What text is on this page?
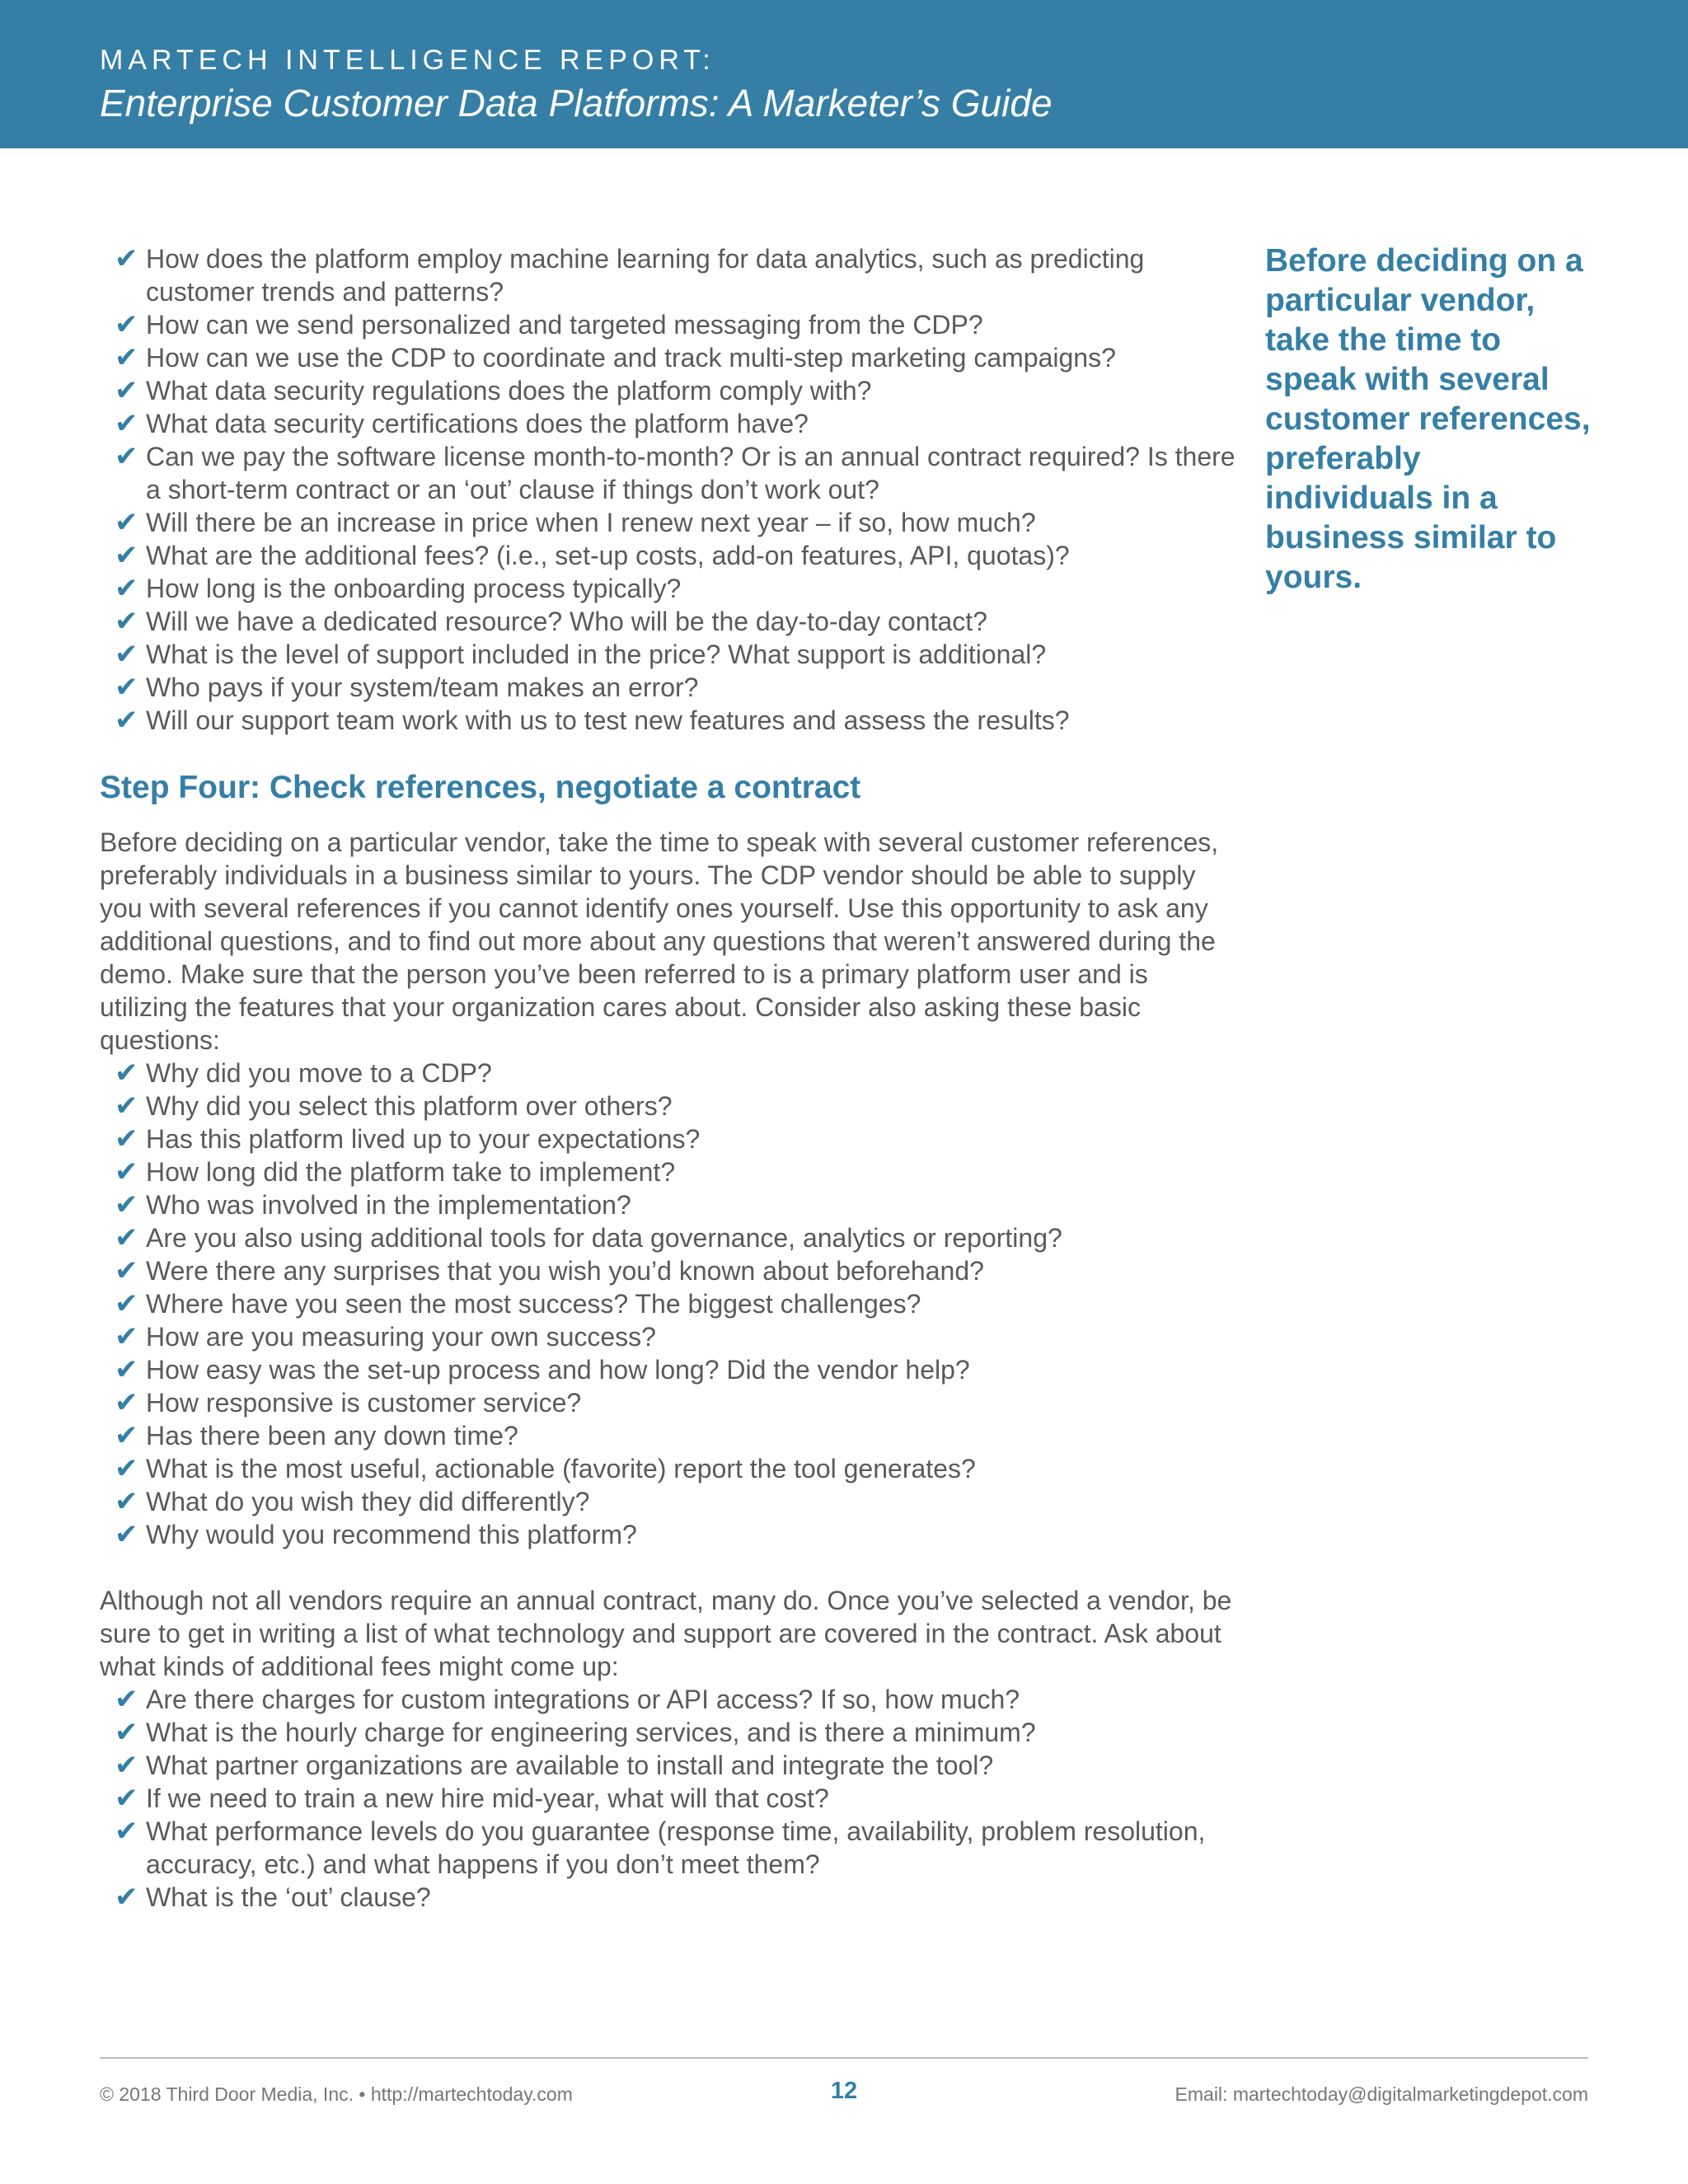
MARTECH INTELLIGENCE REPORT:
Enterprise Customer Data Platforms: A Marketer’s Guide
✔ How does the platform employ machine learning for data analytics, such as predicting customer trends and patterns?
✔ How can we send personalized and targeted messaging from the CDP?
✔ How can we use the CDP to coordinate and track multi-step marketing campaigns?
✔ What data security regulations does the platform comply with?
✔ What data security certifications does the platform have?
✔ Can we pay the software license month-to-month? Or is an annual contract required? Is there a short-term contract or an ‘out’ clause if things don’t work out?
✔ Will there be an increase in price when I renew next year – if so, how much?
✔ What are the additional fees? (i.e., set-up costs, add-on features, API, quotas)?
✔ How long is the onboarding process typically?
✔ Will we have a dedicated resource? Who will be the day-to-day contact?
✔ What is the level of support included in the price? What support is additional?
✔ Who pays if your system/team makes an error?
✔ Will our support team work with us to test new features and assess the results?
Step Four: Check references, negotiate a contract

Before deciding on a particular vendor, take the time to speak with several customer references, preferably individuals in a business similar to yours. The CDP vendor should be able to supply you with several references if you cannot identify ones yourself. Use this opportunity to ask any additional questions, and to find out more about any questions that weren’t answered during the demo. Make sure that the person you’ve been referred to is a primary platform user and is utilizing the features that your organization cares about. Consider also asking these basic questions:

✔ Why did you move to a CDP?
✔ Why did you select this platform over others?
✔ Has this platform lived up to your expectations?
✔ How long did the platform take to implement?
✔ Who was involved in the implementation?
✔ Are you also using additional tools for data governance, analytics or reporting?
✔ Were there any surprises that you wish you’d known about beforehand?
✔ Where have you seen the most success? The biggest challenges?
✔ How are you measuring your own success?
✔ How easy was the set-up process and how long? Did the vendor help?
✔ How responsive is customer service?
✔ Has there been any down time?
✔ What is the most useful, actionable (favorite) report the tool generates?
✔ What do you wish they did differently?
✔ Why would you recommend this platform?

Although not all vendors require an annual contract, many do. Once you’ve selected a vendor, be sure to get in writing a list of what technology and support are covered in the contract. Ask about what kinds of additional fees might come up:

✔ Are there charges for custom integrations or API access? If so, how much?
✔ What is the hourly charge for engineering services, and is there a minimum?
✔ What partner organizations are available to install and integrate the tool?
✔ If we need to train a new hire mid-year, what will that cost?
✔ What performance levels do you guarantee (response time, availability, problem resolution, accuracy, etc.) and what happens if you don’t meet them?
✔ What is the ‘out’ clause?
Before deciding on a particular vendor, take the time to speak with several customer references, preferably individuals in a business similar to yours.
© 2018 Third Door Media, Inc. • http://martechtoday.com	12	Email: martechtoday@digitalmarketingdepot.com
